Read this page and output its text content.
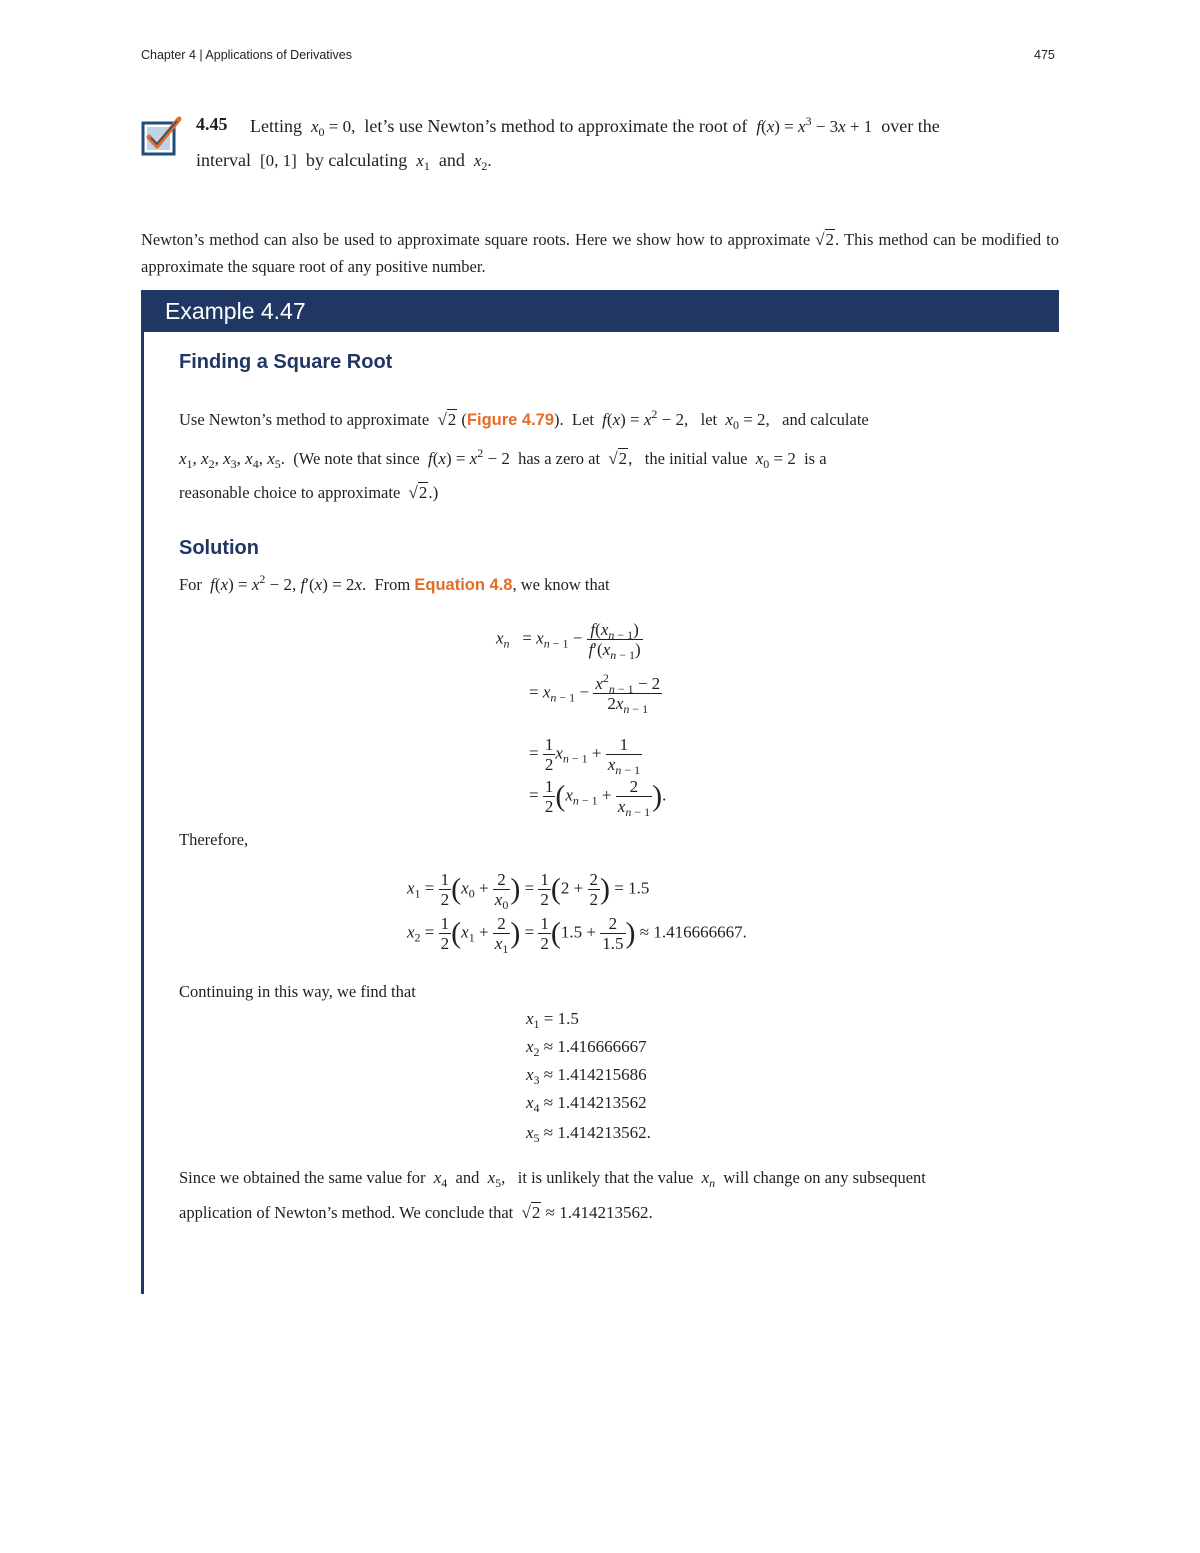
Chapter 4 | Applications of Derivatives	475
4.45 Letting $x_0 = 0$, let’s use Newton’s method to approximate the root of $f(x) = x^3 - 3x + 1$ over the
interval [0, 1] by calculating $x_1$ and $x_2$.
Newton’s method can also be used to approximate square roots. Here we show how to approximate √2. This method can be modified to approximate the square root of any positive number.
Example 4.47
Finding a Square Root
Use Newton’s method to approximate √2 (Figure 4.79).  Let $f(x) = x^2 - 2$, let $x_0 = 2$, and calculate
$x_1$, $x_2$, $x_3$, $x_4$, $x_5$. (We note that since $f(x) = x^2 - 2$ has a zero at √2, the initial value $x_0 = 2$ is a
reasonable choice to approximate √2.)
Solution
For $f(x) = x^2 - 2$, f′(x) = 2x. From Equation 4.8, we know that
$x_n = x_{n - 1} - \frac{f(x_{n - 1})}{f'(x_{n - 1})}$
= $x_{n - 1} - \frac{x^2_{n - 1} - 2}{2x_{n - 1}}$
= $\frac{1}{2} x_{n - 1} + \frac{1}{x_{n - 1}}$
= $\frac{1}{2} (x_{n - 1} + \frac{2}{x_{n - 1}}$ ).
Therefore,
$x_1 = \frac{1}{2} (x_0 + \frac{2}{x_0}$ ) = $\frac{1}{2} (2 + \frac{2}{2}$ ) = 1.5
$x_2 = \frac{1}{2} (x_1 + \frac{2}{x_1}$ ) = $\frac{1}{2} (1.5 + \frac{2}{1.5}$ ) ≈ 1.416666667.
Continuing in this way, we find that
$x_1 = 1.5$
$x_2 \approx 1.416666667$
$x_3 \approx 1.414215686$
$x_4 \approx 1.414213562$
$x_5 \approx 1.414213562$.
Since we obtained the same value for $x_4$ and $x_5$, it is unlikely that the value $x_n$ will change on any subsequent
application of Newton’s method. We conclude that √2 ≈ 1.414213562.
